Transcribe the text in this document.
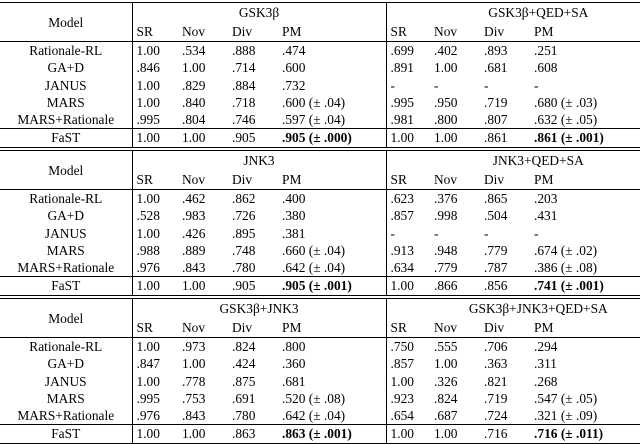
Model	GSK3β				GSK3β+QED+SA			
	SR	Nov	Div	PM	SR	Nov	Div	PM
Rationale-RL	1.00	.534	.888	.474	.699	.402	.893	.251
GA+D	.846	1.00	.714	.600	.891	1.00	.681	.608
JANUS	1.00	.829	.884	.732	-	-	-	-
MARS	1.00	.840	.718	.600 (± .04)	.995	.950	.719	.680 (± .03)
MARS+Rationale	.995	.804	.746	.597 (± .04)	.981	.800	.807	.632 (± .05)
FaST	1.00	1.00	.905	.905 (± .000)	1.00	1.00	.861	.861 (± .001)
Model	JNK3				JNK3+QED+SA			
	SR	Nov	Div	PM	SR	Nov	Div	PM
Rationale-RL	1.00	.462	.862	.400	.623	.376	.865	.203
GA+D	.528	.983	.726	.380	.857	.998	.504	.431
JANUS	1.00	.426	.895	.381	-	-	-	-
MARS	.988	.889	.748	.660 (± .04)	.913	.948	.779	.674 (± .02)
MARS+Rationale	.976	.843	.780	.642 (± .04)	.634	.779	.787	.386 (± .08)
FaST	1.00	1.00	.905	.905 (± .001)	1.00	.866	.856	.741 (± .001)
Model	GSK3β+JNK3				GSK3β+JNK3+QED+SA			
	SR	Nov	Div	PM	SR	Nov	Div	PM
Rationale-RL	1.00	.973	.824	.800	.750	.555	.706	.294
GA+D	.847	1.00	.424	.360	.857	1.00	.363	.311
JANUS	1.00	.778	.875	.681	1.00	.326	.821	.268
MARS	.995	.753	.691	.520 (± .08)	.923	.824	.719	.547 (± .05)
MARS+Rationale	.976	.843	.780	.642 (± .04)	.654	.687	.724	.321 (± .09)
FaST	1.00	1.00	.863	.863 (± .001)	1.00	1.00	.716	.716 (± .011)
